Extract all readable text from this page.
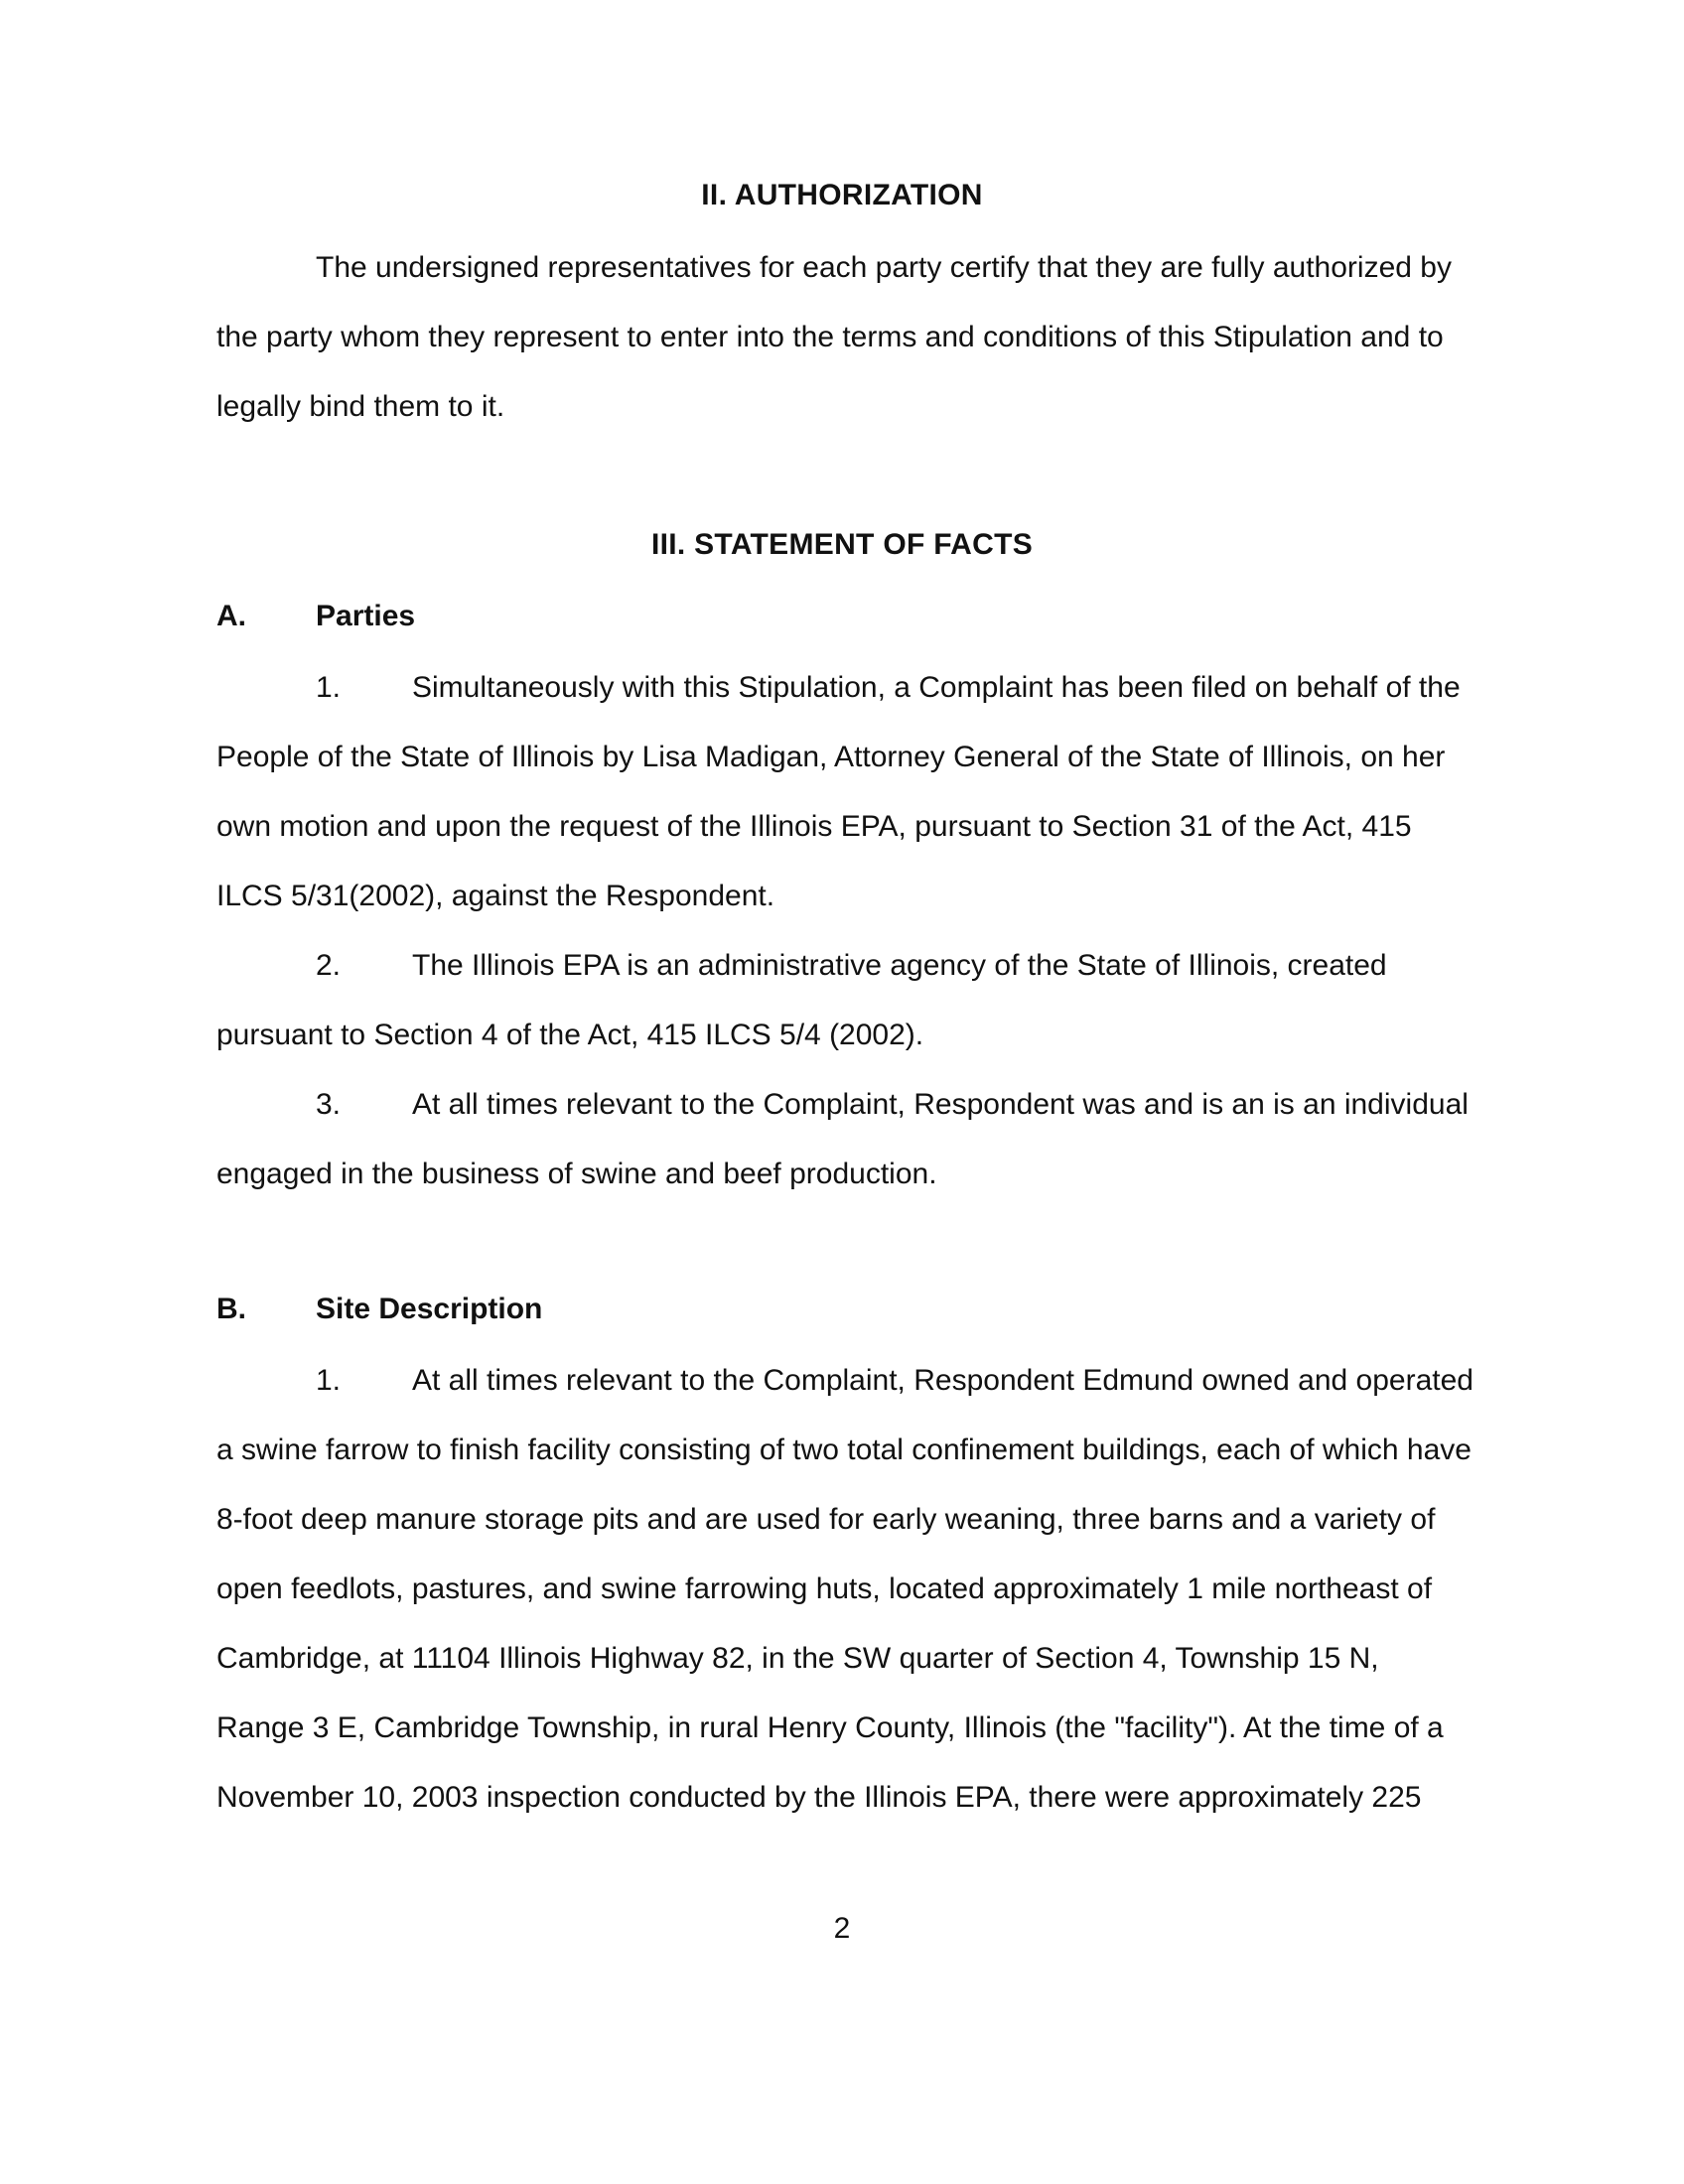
II. AUTHORIZATION
The undersigned representatives for each party certify that they are fully authorized by
the party whom they represent to enter into the terms and conditions of this Stipulation and to
legally bind them to it.
III. STATEMENT OF FACTS
A. Parties
1. Simultaneously with this Stipulation, a Complaint has been filed on behalf of the
People of the State of Illinois by Lisa Madigan, Attorney General of the State of Illinois, on her
own motion and upon the request of the Illinois EPA, pursuant to Section 31 of the Act, 415
ILCS 5/31(2002), against the Respondent.
2. The Illinois EPA is an administrative agency of the State of Illinois, created
pursuant to Section 4 of the Act, 415 ILCS 5/4 (2002).
3. At all times relevant to the Complaint, Respondent was and is an is an individual
engaged in the business of swine and beef production.
B. Site Description
1. At all times relevant to the Complaint, Respondent Edmund owned and operated
a swine farrow to finish facility consisting of two total confinement buildings, each of which have
8-foot deep manure storage pits and are used for early weaning, three barns and a variety of
open feedlots, pastures, and swine farrowing huts, located approximately 1 mile northeast of
Cambridge, at 11104 Illinois Highway 82, in the SW quarter of Section 4, Township 15 N,
Range 3 E, Cambridge Township, in rural Henry County, Illinois (the "facility"). At the time of a
November 10, 2003 inspection conducted by the Illinois EPA, there were approximately 225
2
